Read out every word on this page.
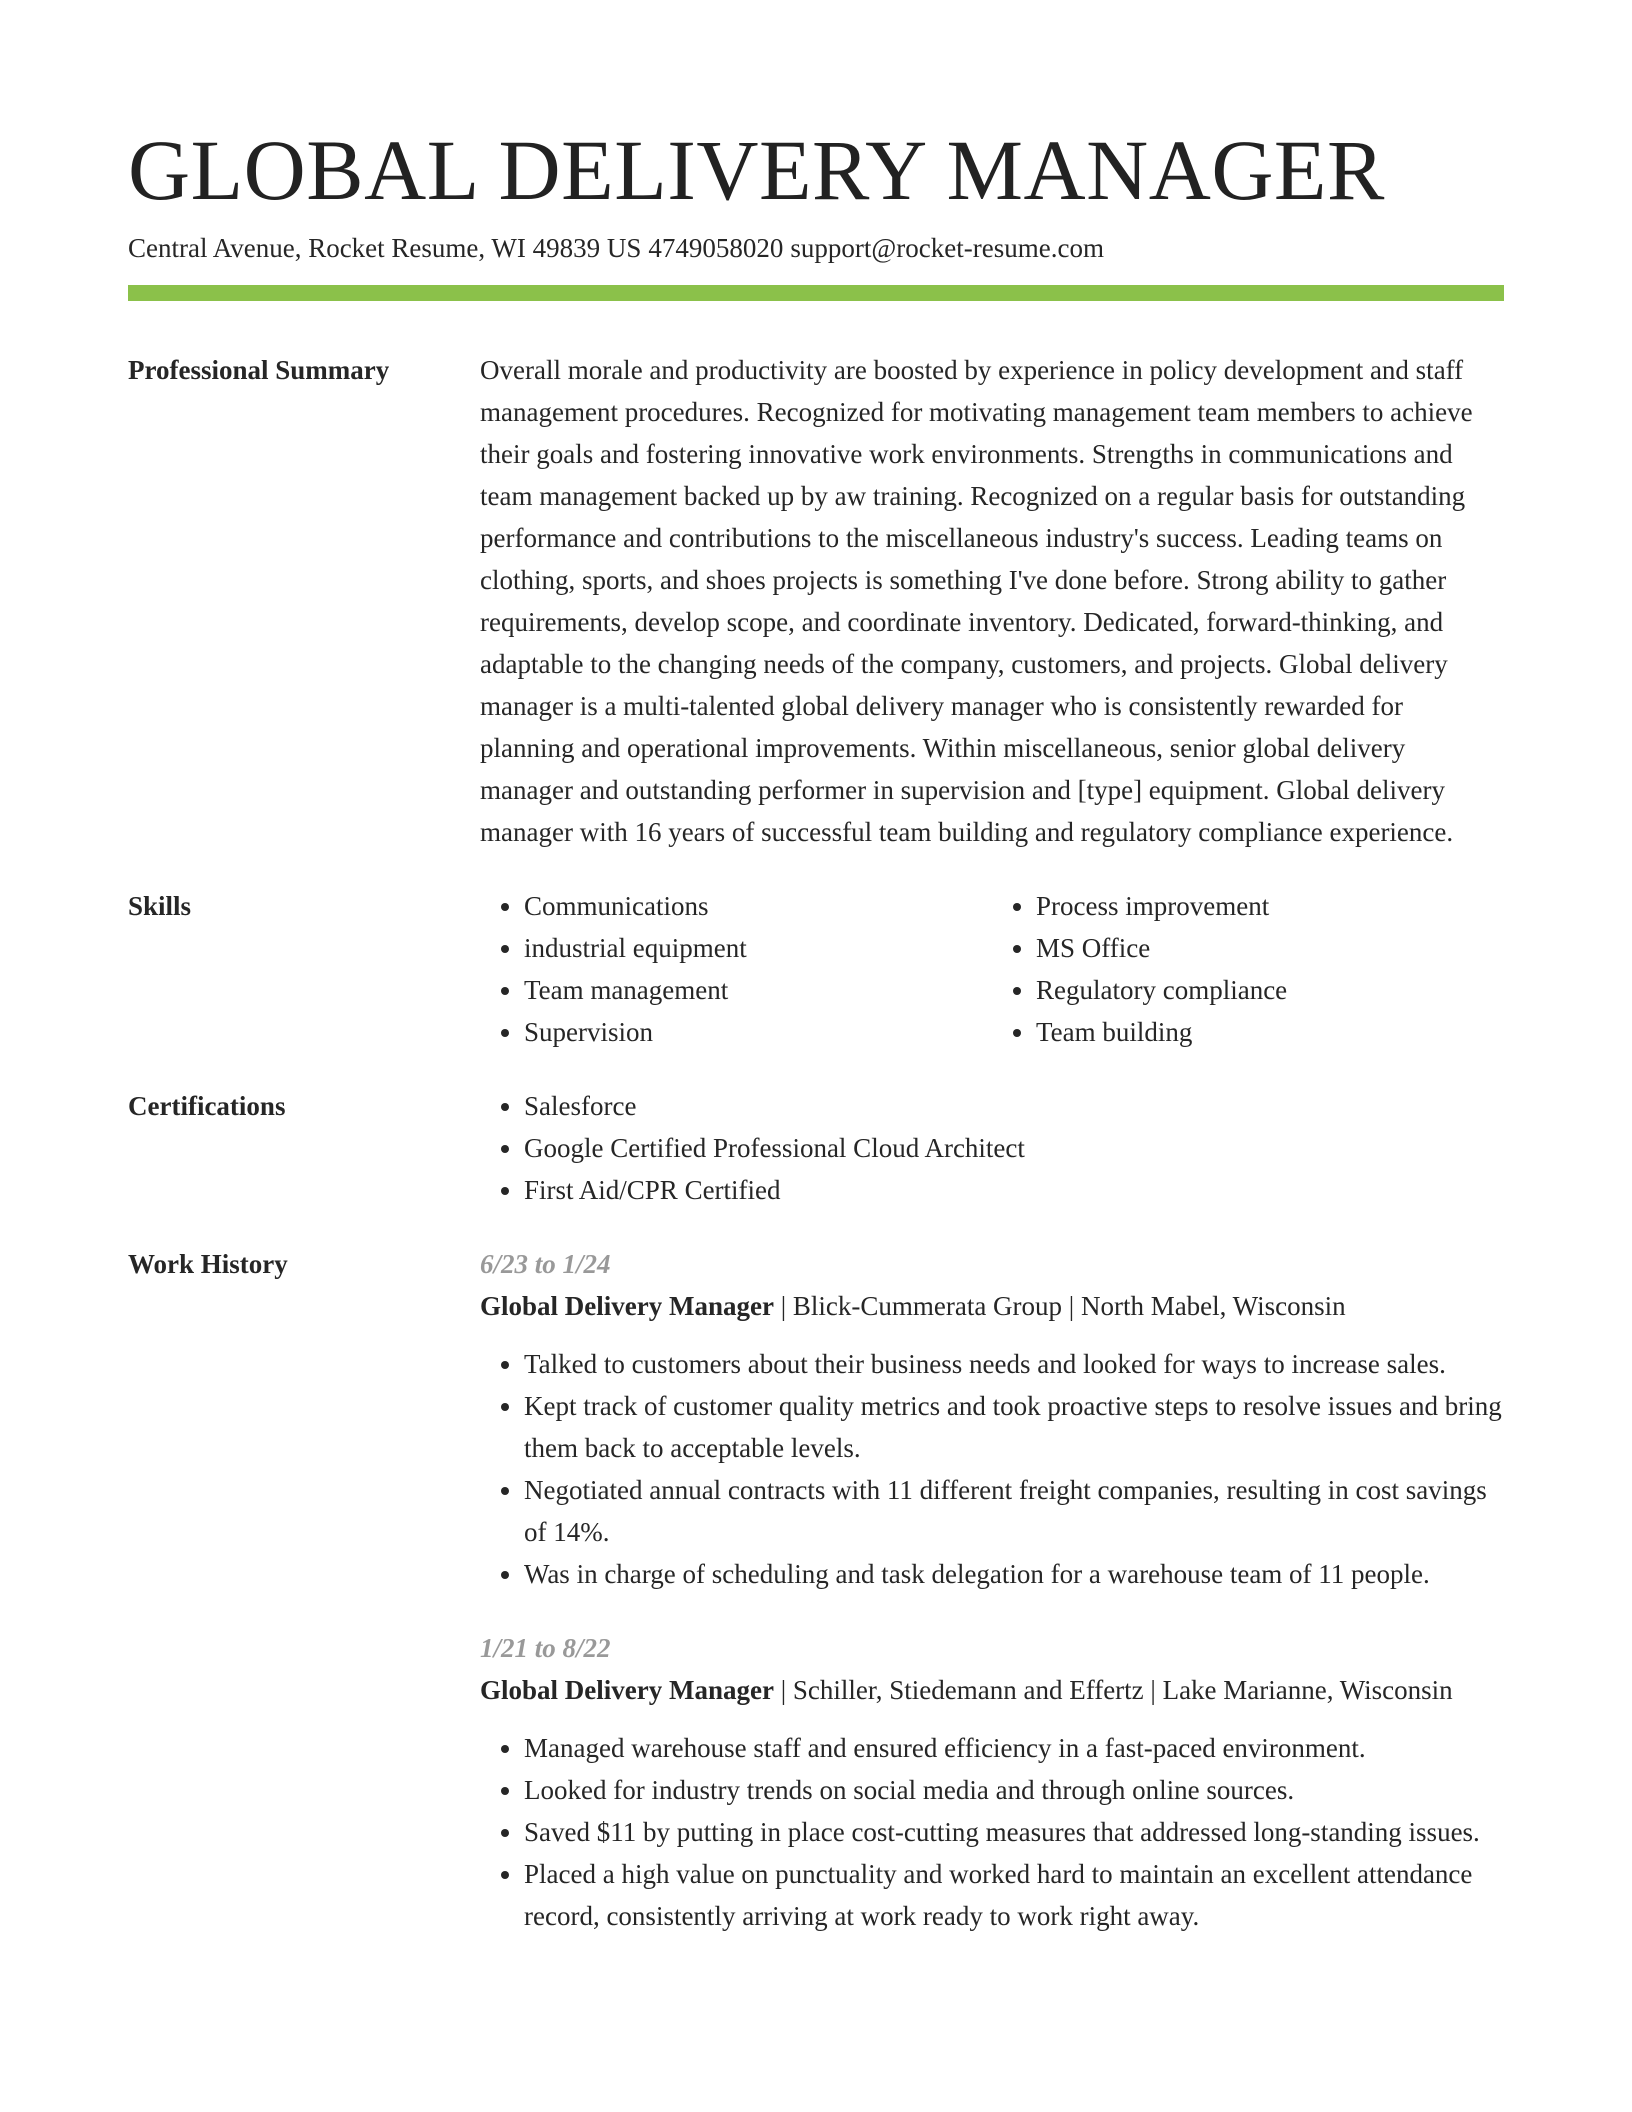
GLOBAL DELIVERY MANAGER
Central Avenue, Rocket Resume, WI 49839 US 4749058020 support@rocket-resume.com
Professional Summary	Overall morale and productivity are boosted by experience in policy development and staff management procedures. Recognized for motivating management team members to achieve their goals and fostering innovative work environments. Strengths in communications and team management backed up by aw training. Recognized on a regular basis for outstanding performance and contributions to the miscellaneous industry's success. Leading teams on clothing, sports, and shoes projects is something I've done before. Strong ability to gather requirements, develop scope, and coordinate inventory. Dedicated, forward-thinking, and adaptable to the changing needs of the company, customers, and projects. Global delivery manager is a multi-talented global delivery manager who is consistently rewarded for planning and operational improvements. Within miscellaneous, senior global delivery manager and outstanding performer in supervision and [type] equipment. Global delivery manager with 16 years of successful team building and regulatory compliance experience.

Skills	• Communications
• industrial equipment
• Team management
• Supervision
• Process improvement
• MS Office
• Regulatory compliance
• Team building
Certifications	• Salesforce
• Google Certified Professional Cloud Architect
• First Aid/CPR Certified
Work History	6/23 to 1/24
Global Delivery Manager | Blick-Cummerata Group | North Mabel, Wisconsin
• Talked to customers about their business needs and looked for ways to increase sales.
• Kept track of customer quality metrics and took proactive steps to resolve issues and bring them back to acceptable levels.
• Negotiated annual contracts with 11 different freight companies, resulting in cost savings of 14%.
• Was in charge of scheduling and task delegation for a warehouse team of 11 people.
1/21 to 8/22
Global Delivery Manager | Schiller, Stiedemann and Effertz | Lake Marianne, Wisconsin
• Managed warehouse staff and ensured efficiency in a fast-paced environment.
• Looked for industry trends on social media and through online sources.
• Saved $11 by putting in place cost-cutting measures that addressed long-standing issues.
• Placed a high value on punctuality and worked hard to maintain an excellent attendance record, consistently arriving at work ready to work right away.
